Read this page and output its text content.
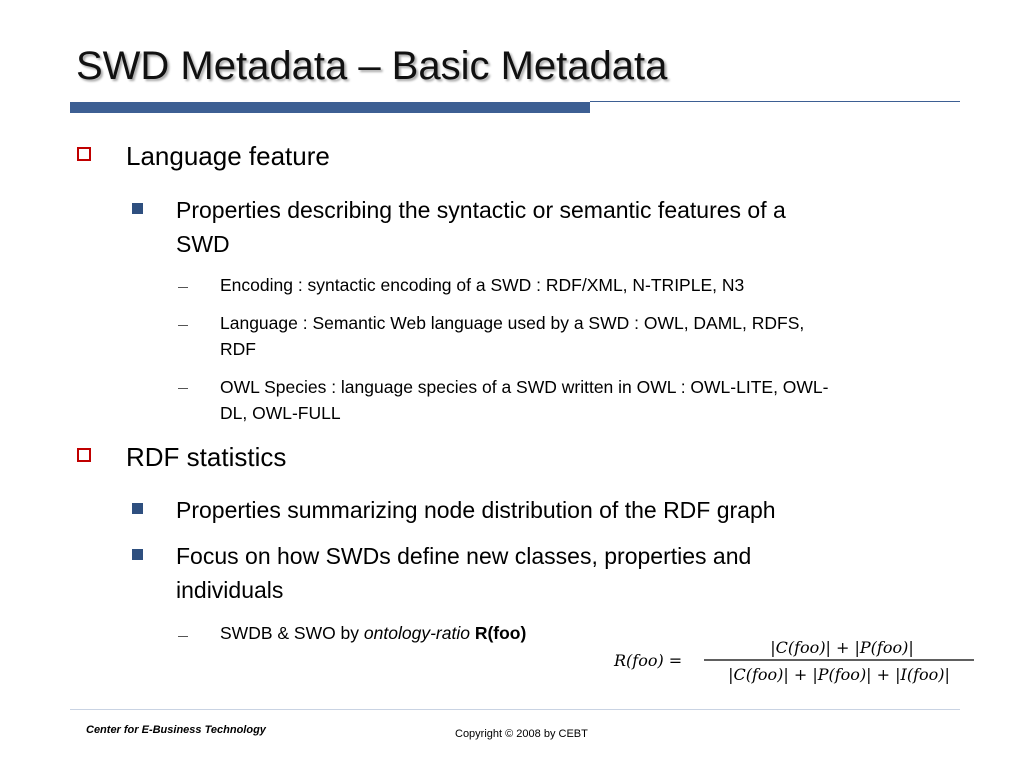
SWD Metadata – Basic Metadata
Language feature
Properties describing the syntactic or semantic features of a
SWD
Encoding : syntactic encoding of a SWD : RDF/XML, N-TRIPLE, N3
Language : Semantic Web language used by a SWD : OWL, DAML, RDFS,
RDF
OWL Species : language species of a SWD written in OWL : OWL-LITE, OWL-
DL, OWL-FULL
RDF statistics
Properties summarizing node distribution of the RDF graph
Focus on how SWDs define new classes, properties and
individuals
SWDB & SWO by ontology-ratio R(foo)
R(foo) =
|C(foo)| + |P(foo)|
|C(foo)| + |P(foo)| + |I(foo)|
Center for E-Business Technology	Copyright © 2008 by CEBT
